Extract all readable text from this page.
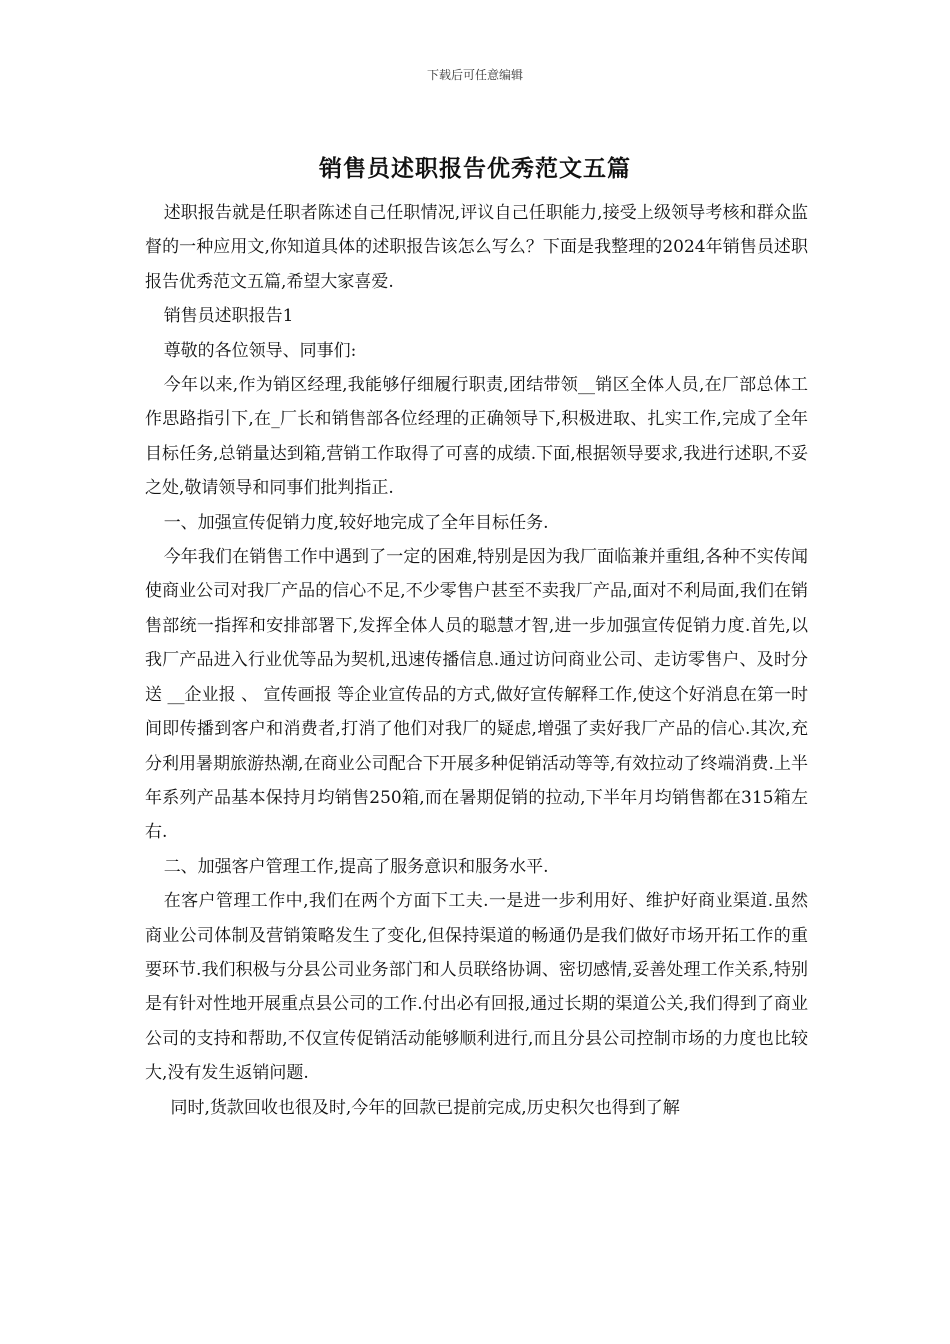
下载后可任意编辑
销售员述职报告优秀范文五篇

述职报告就是任职者陈述自己任职情况,评议自己任职能力,接受上级领导考核和群众监督的一种应用文,你知道具体的述职报告该怎么写么？下面是我整理的2024年销售员述职报告优秀范文五篇,希望大家喜爱.

销售员述职报告1

尊敬的各位领导、同事们:

今年以来,作为销区经理,我能够仔细履行职责,团结带领__销区全体人员,在厂部总体工作思路指引下,在_厂长和销售部各位经理的正确领导下,积极进取、扎实工作,完成了全年目标任务,总销量达到箱,营销工作取得了可喜的成绩.下面,根据领导要求,我进行述职,不妥之处,敬请领导和同事们批判指正.

一、加强宣传促销力度,较好地完成了全年目标任务.

今年我们在销售工作中遇到了一定的困难,特别是因为我厂面临兼并重组,各种不实传闻使商业公司对我厂产品的信心不足,不少零售户甚至不卖我厂产品,面对不利局面,我们在销售部统一指挥和安排部署下,发挥全体人员的聪慧才智,进一步加强宣传促销力度.首先,以我厂产品进入行业优等品为契机,迅速传播信息.通过访问商业公司、走访零售户、及时分送 __企业报 、 宣传画报 等企业宣传品的方式,做好宣传解释工作,使这个好消息在第一时间即传播到客户和消费者,打消了他们对我厂的疑虑,增强了卖好我厂产品的信心.其次,充分利用暑期旅游热潮,在商业公司配合下开展多种促销活动等等,有效拉动了终端消费.上半年系列产品基本保持月均销售250箱,而在暑期促销的拉动,下半年月均销售都在315箱左右.

二、加强客户管理工作,提高了服务意识和服务水平.

在客户管理工作中,我们在两个方面下工夫.一是进一步利用好、维护好商业渠道.虽然商业公司体制及营销策略发生了变化,但保持渠道的畅通仍是我们做好市场开拓工作的重要环节.我们积极与分县公司业务部门和人员联络协调、密切感情,妥善处理工作关系,特别是有针对性地开展重点县公司的工作.付出必有回报,通过长期的渠道公关,我们得到了商业公司的支持和帮助,不仅宣传促销活动能够顺利进行,而且分县公司控制市场的力度也比较大,没有发生返销问题.

同时,货款回收也很及时,今年的回款已提前完成,历史积欠也得到了解
